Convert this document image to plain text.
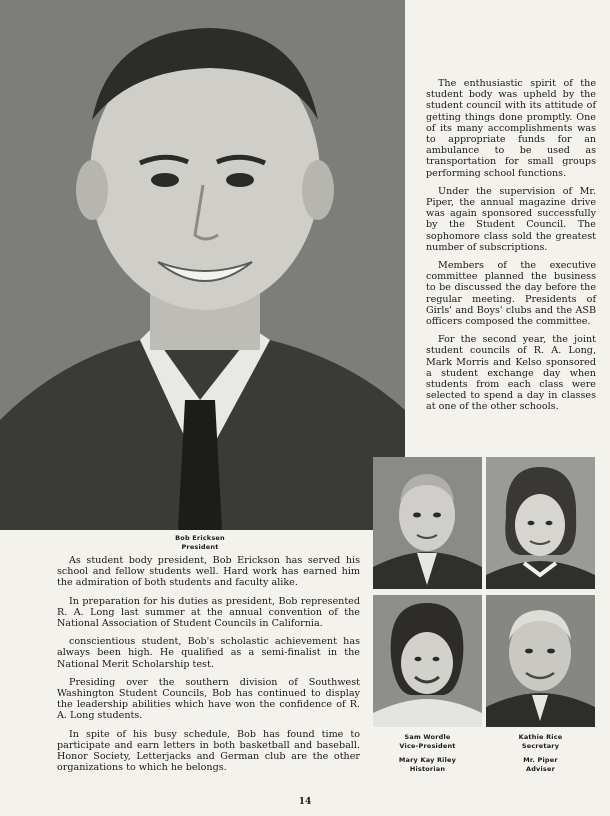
Bob Ericksen
President

The enthusiastic spirit of the student body was upheld by the student council with its attitude of getting things done promptly. One of its many accomplishments was to appropriate funds for an ambulance to be used as transportation for small groups performing school functions.

Under the supervision of Mr. Piper, the annual magazine drive was again sponsored successfully by the Student Council. The sophomore class sold the greatest number of subscriptions.

Members of the executive committee planned the business to be discussed the day before the regular meeting. Presidents of Girls' and Boys' clubs and the ASB officers composed the committee.

For the second year, the joint student councils of R. A. Long, Mark Morris and Kelso sponsored a student exchange day when students from each class were selected to spend a day in classes at one of the other schools.

Sam Wordle
Vice-President
Mary Kay Riley
Historian
Kathie Rice
Secretary
Mr. Piper
Adviser

As student body president, Bob Erickson has served his school and fellow students well. Hard work has earned him the admiration of both students and faculty alike.

In preparation for his duties as president, Bob represented R. A. Long last summer at the annual convention of the National Association of Student Councils in California.

conscientious student, Bob's scholastic achievement has always been high. He qualified as a semi-finalist in the National Merit Scholarship test.

Presiding over the southern division of Southwest Washington Student Councils, Bob has continued to display the leadership abilities which have won the confidence of R. A. Long students.

In spite of his busy schedule, Bob has found time to participate and earn letters in both basketball and baseball. Honor Society, Letterjacks and German club are the other organizations to which he belongs.

14
